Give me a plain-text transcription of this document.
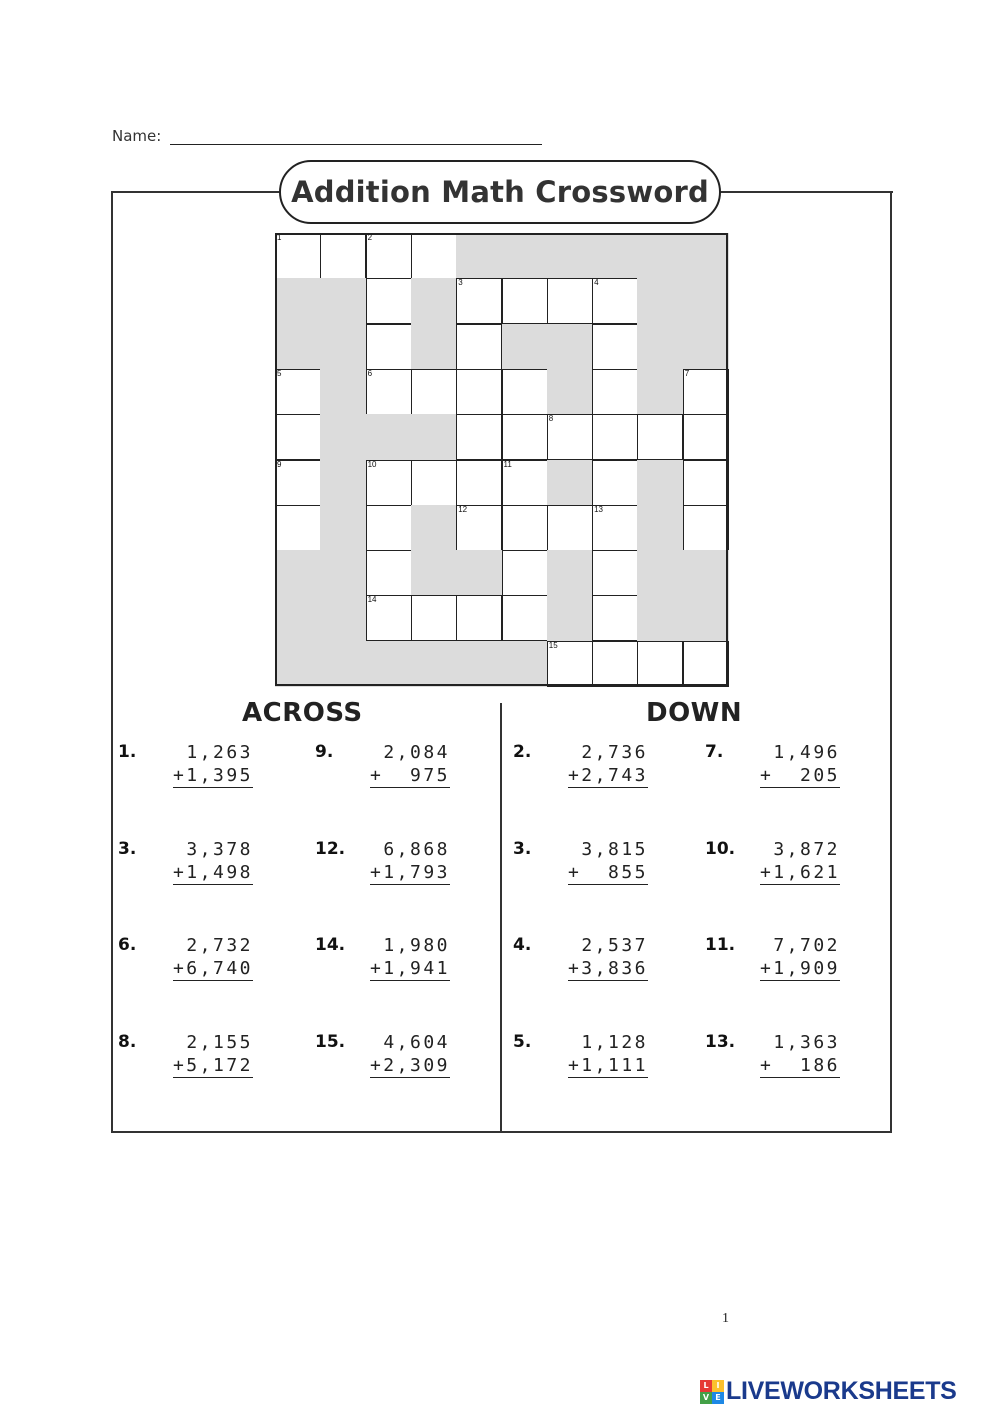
Name:
Addition Math Crossword
1	2
3	4
5	6	7
8
9	10	11
12	13
14
15
ACROSS	DOWN
1.	1,263
+1,395
9.	2,084
+  975
3.	3,378
+1,498
12. 6,868
+1,793
6.	2,732
+6,740
14. 1,980
+1,941
8.	2,155
+5,172
15. 4,604
+2,309
2.	2,736
+2,743
7.	1,496
+  205
3.	3,815
+  855
10. 3,872
+1,621
4.	2,537
+3,836
11. 7,702
+1,909
5.	1,128
+1,111
13. 1,363
+  186
1
L I
V E LIVEWORKSHEETS
